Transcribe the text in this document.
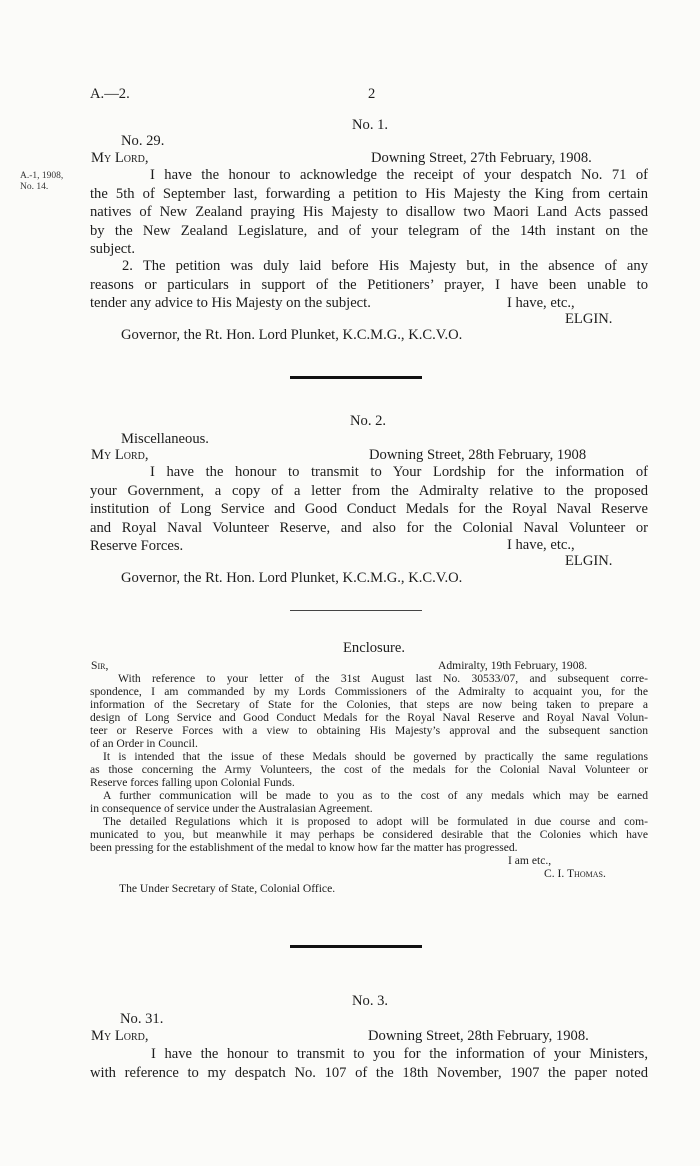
A.—2.	2
No. 1.
No. 29.
My Lord,	Downing Street, 27th February, 1908.
A.-1, 1908,
No. 14.
I have the honour to acknowledge the receipt of your despatch No. 71 of
the 5th of September last, forwarding a petition to His Majesty the King from certain
natives of New Zealand praying His Majesty to disallow two Maori Land Acts passed
by the New Zealand Legislature, and of your telegram of the 14th instant on the
subject.
2. The petition was duly laid before His Majesty but, in the absence of any
reasons or particulars in support of the Petitioners’ prayer, I have been unable to
tender any advice to His Majesty on the subject.	I have, etc.,
ELGIN.
Governor, the Rt. Hon. Lord Plunket, K.C.M.G., K.C.V.O.
No. 2.
Miscellaneous.
My Lord,	Downing Street, 28th February, 1908
I have the honour to transmit to Your Lordship for the information of
your Government, a copy of a letter from the Admiralty relative to the proposed
institution of Long Service and Good Conduct Medals for the Royal Naval Reserve
and Royal Naval Volunteer Reserve, and also for the Colonial Naval Volunteer or
Reserve Forces.	I have, etc.,
ELGIN.
Governor, the Rt. Hon. Lord Plunket, K.C.M.G., K.C.V.O.
Enclosure.
Sir,	Admiralty, 19th February, 1908.
With reference to your letter of the 31st August last No. 30533/07, and subsequent corre-
spondence, I am commanded by my Lords Commissioners of the Admiralty to acquaint you, for the
information of the Secretary of State for the Colonies, that steps are now being taken to prepare a
design of Long Service and Good Conduct Medals for the Royal Naval Reserve and Royal Naval Volun-
teer or Reserve Forces with a view to obtaining His Majesty’s approval and the subsequent sanction
of an Order in Council.
It is intended that the issue of these Medals should be governed by practically the same regulations
as those concerning the Army Volunteers, the cost of the medals for the Colonial Naval Volunteer or
Reserve forces falling upon Colonial Funds.
A further communication will be made to you as to the cost of any medals which may be earned
in consequence of service under the Australasian Agreement.
The detailed Regulations which it is proposed to adopt will be formulated in due course and com-
municated to you, but meanwhile it may perhaps be considered desirable that the Colonies which have
been pressing for the establishment of the medal to know how far the matter has progressed.
I am etc.,
C. I. Thomas.
The Under Secretary of State, Colonial Office.
No. 3.
No. 31.
My Lord,	Downing Street, 28th February, 1908.
I have the honour to transmit to you for the information of your Ministers,
with reference to my despatch No. 107 of the 18th November, 1907 the paper noted
